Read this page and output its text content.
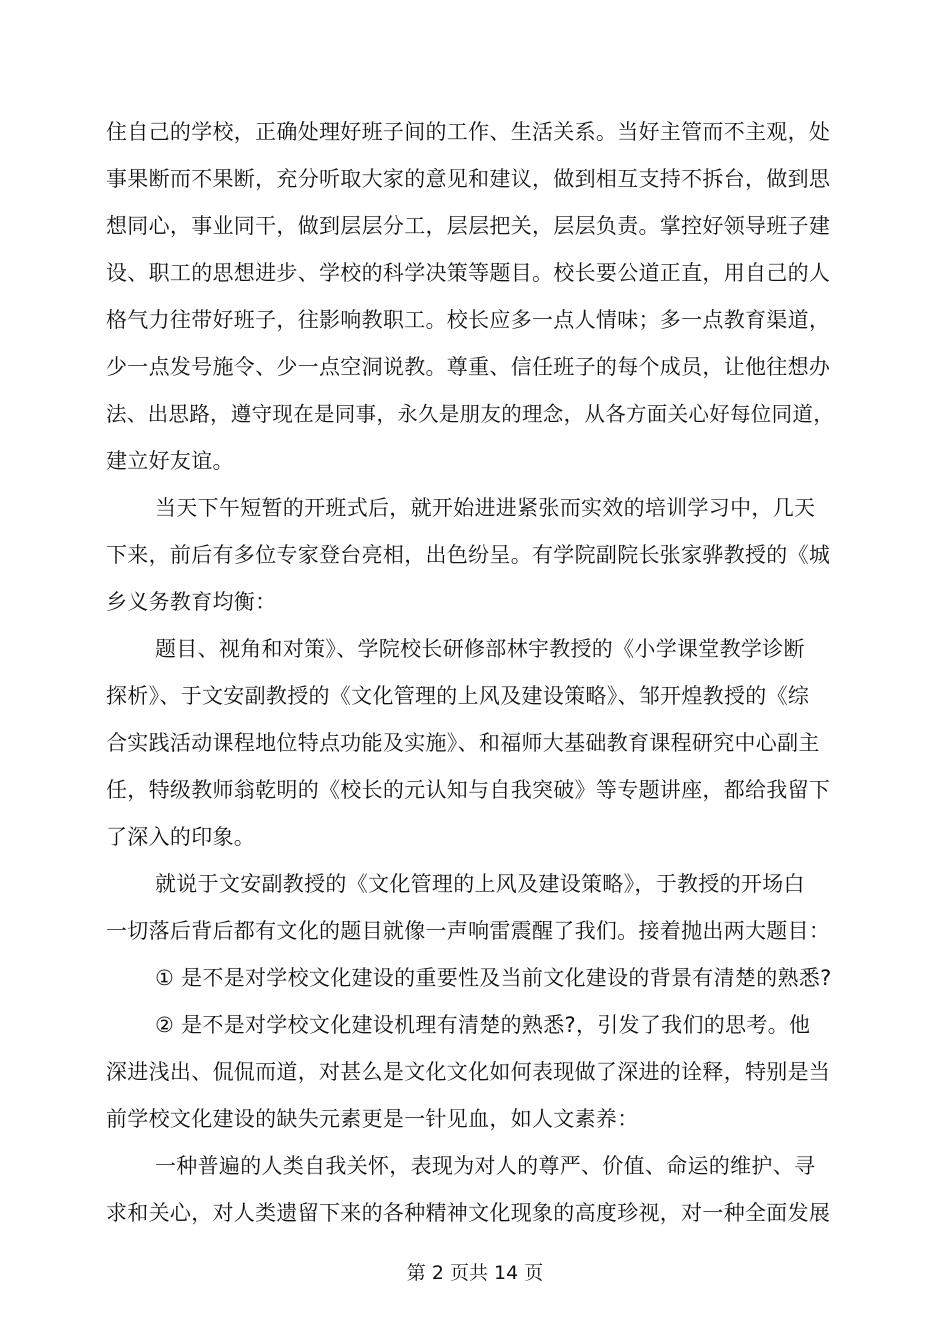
住自己的学校，正确处理好班子间的工作、生活关系。当好主管而不主观，处
事果断而不果断，充分听取大家的意见和建议，做到相互支持不拆台，做到思
想同心，事业同干，做到层层分工，层层把关，层层负责。掌控好领导班子建
设、职工的思想进步、学校的科学决策等题目。校长要公道正直，用自己的人
格气力往带好班子，往影响教职工。校长应多一点人情味；多一点教育渠道，
少一点发号施令、少一点空洞说教。尊重、信任班子的每个成员，让他往想办
法、出思路，遵守现在是同事，永久是朋友的理念，从各方面关心好每位同道，
建立好友谊。
当天下午短暂的开班式后，就开始进进紧张而实效的培训学习中，几天
下来，前后有多位专家登台亮相，出色纷呈。有学院副院长张家骅教授的《城
乡义务教育均衡：
题目、视角和对策》、学院校长研修部林宇教授的《小学课堂教学诊断
探析》、于文安副教授的《文化管理的上风及建设策略》、邹开煌教授的《综
合实践活动课程地位特点功能及实施》、和福师大基础教育课程研究中心副主
任，特级教师翁乾明的《校长的元认知与自我突破》等专题讲座，都给我留下
了深入的印象。
就说于文安副教授的《文化管理的上风及建设策略》，于教授的开场白
一切落后背后都有文化的题目就像一声响雷震醒了我们。接着抛出两大题目：
① 是不是对学校文化建设的重要性及当前文化建设的背景有清楚的熟悉?
② 是不是对学校文化建设机理有清楚的熟悉?，引发了我们的思考。他
深进浅出、侃侃而道，对甚么是文化文化如何表现做了深进的诠释，特别是当
前学校文化建设的缺失元素更是一针见血，如人文素养：
一种普遍的人类自我关怀，表现为对人的尊严、价值、命运的维护、寻
求和关心，对人类遗留下来的各种精神文化现象的高度珍视，对一种全面发展
第 2 页共 14 页
